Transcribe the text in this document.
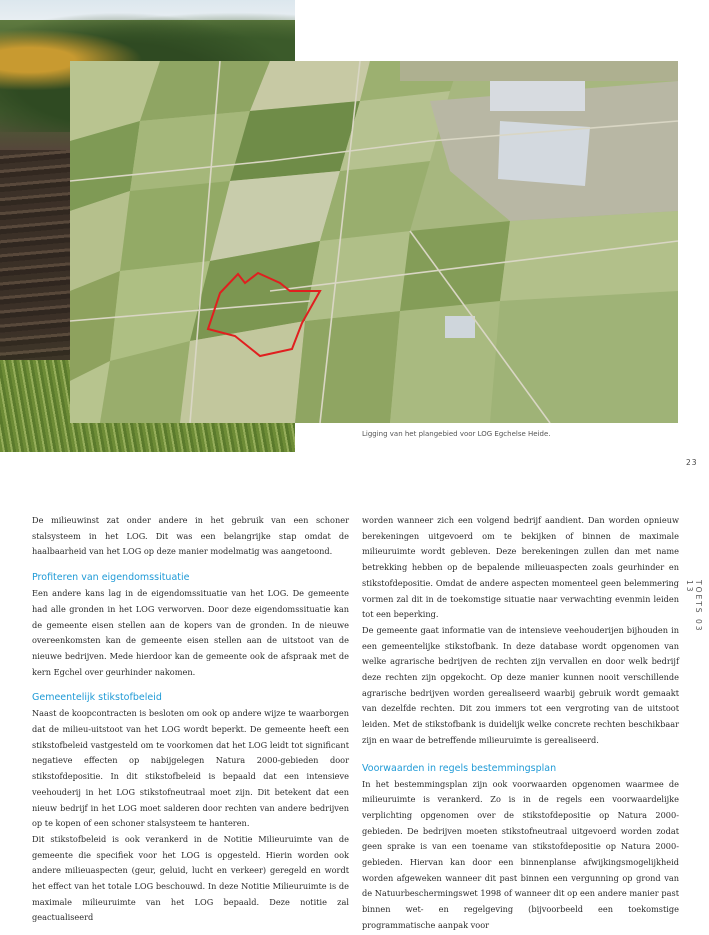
Ligging van het plangebied voor LOG Egchelse Heide.
23
TOETS 03 13

De milieuwinst zat onder andere in het gebruik van een schoner stalsysteem in het LOG. Dit was een belangrijke stap omdat de haalbaarheid van het LOG op deze manier modelmatig was aangetoond.

Profiteren van eigendomssituatie

Een andere kans lag in de eigendomssituatie van het LOG. De gemeente had alle gronden in het LOG verworven. Door deze eigendomssituatie kan de gemeente eisen stellen aan de kopers van de gronden. In de nieuwe overeenkomsten kan de gemeente eisen stellen aan de uitstoot van de nieuwe bedrijven. Mede hierdoor kan de gemeente ook de afspraak met de kern Egchel over geurhinder nakomen.

Gemeentelijk stikstofbeleid

Naast de koopcontracten is besloten om ook op andere wijze te waarborgen dat de milieu-uitstoot van het LOG wordt beperkt. De gemeente heeft een stikstofbeleid vastgesteld om te voorkomen dat het LOG leidt tot significant negatieve effecten op nabijgelegen Natura 2000-gebieden door stikstofdepositie. In dit stikstofbeleid is bepaald dat een intensieve veehouderij in het LOG stikstofneutraal moet zijn. Dit betekent dat een nieuw bedrijf in het LOG moet salderen door rechten van andere bedrijven op te kopen of een schoner stalsysteem te hanteren.

Dit stikstofbeleid is ook verankerd in de Notitie Milieuruimte van de gemeente die specifiek voor het LOG is opgesteld. Hierin worden ook andere milieuaspecten (geur, geluid, lucht en verkeer) geregeld en wordt het effect van het totale LOG beschouwd. In deze Notitie Milieuruimte is de maximale milieuruimte van het LOG bepaald. Deze notitie zal geactualiseerd

worden wanneer zich een volgend bedrijf aandient. Dan worden opnieuw berekeningen uitgevoerd om te bekijken of binnen de maximale milieuruimte wordt gebleven. Deze berekeningen zullen dan met name betrekking hebben op de bepalende milieuaspecten zoals geurhinder en stikstofdepositie. Omdat de andere aspecten momenteel geen belemmering vormen zal dit in de toekomstige situatie naar verwachting evenmin leiden tot een beperking.

De gemeente gaat informatie van de intensieve veehouderijen bijhouden in een gemeentelijke stikstofbank. In deze database wordt opgenomen van welke agrarische bedrijven de rechten zijn vervallen en door welk bedrijf deze rechten zijn opgekocht. Op deze manier kunnen nooit verschillende agrarische bedrijven worden gerealiseerd waarbij gebruik wordt gemaakt van dezelfde rechten. Dit zou immers tot een vergroting van de uitstoot leiden. Met de stikstofbank is duidelijk welke concrete rechten beschikbaar zijn en waar de betreffende milieuruimte is gerealiseerd.

Voorwaarden in regels bestemmingsplan

In het bestemmingsplan zijn ook voorwaarden opgenomen waarmee de milieuruimte is verankerd. Zo is in de regels een voorwaardelijke verplichting opgenomen over de stikstofdepositie op Natura 2000-gebieden. De bedrijven moeten stikstofneutraal uitgevoerd worden zodat geen sprake is van een toename van stikstofdepositie op Natura 2000-gebieden. Hiervan kan door een binnenplanse afwijkingsmogelijkheid worden afgeweken wanneer dit past binnen een vergunning op grond van de Natuurbeschermingswet 1998 of wanneer dit op een andere manier past binnen wet- en regelgeving (bijvoorbeeld een toekomstige programmatische aanpak voor
